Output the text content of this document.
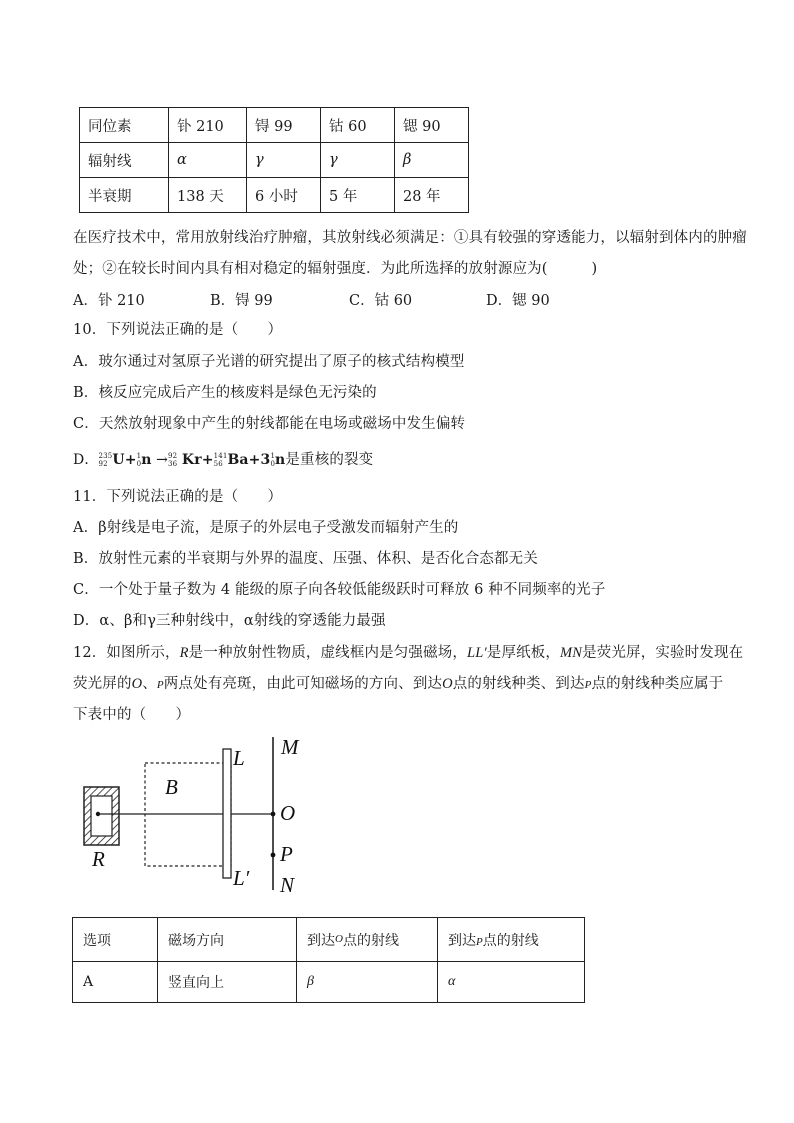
同位素	钋 210	锝 99	钴 60	锶 90
辐射线	α	γ	γ	β
半衰期	138 天	6 小时	5 年	28 年
在医疗技术中，常用放射线治疗肿瘤，其放射线必须满足：①具有较强的穿透能力，以辐射到体内的肿瘤
处；②在较长时间内具有相对稳定的辐射强度．为此所选择的放射源应为(　　　)
A．钋 210	B．锝 99	C．钴 60	D．锶 90
10．下列说法正确的是（　　）
A．玻尔通过对氢原子光谱的研究提出了原子的核式结构模型
B．核反应完成后产生的核废料是绿色无污染的
C．天然放射现象中产生的射线都能在电场或磁场中发生偏转
D． 235
92 U+ 1
0 n → 92
36 Kr+ 141
56 Ba+3 1
0 n是重核的裂变
11．下列说法正确的是（　　）
A．β射线是电子流，是原子的外层电子受激发而辐射产生的
B．放射性元素的半衰期与外界的温度、压强、体积、是否化合态都无关
C．一个处于量子数为 4 能级的原子向各较低能级跃时可释放 6 种不同频率的光子
D．α、β和γ三种射线中，α射线的穿透能力最强
12．如图所示，R是一种放射性物质，虚线框内是匀强磁场，LL′是厚纸板，MN是荧光屏，实验时发现在
荧光屏的O、P两点处有亮斑，由此可知磁场的方向、到达O点的射线种类、到达P点的射线种类应属于
下表中的（　　）
L M
B
O
P
R
L′ N
选项	磁场方向	到达$^O$点的射线	到达P点的射线
A	竖直向上	β	α
